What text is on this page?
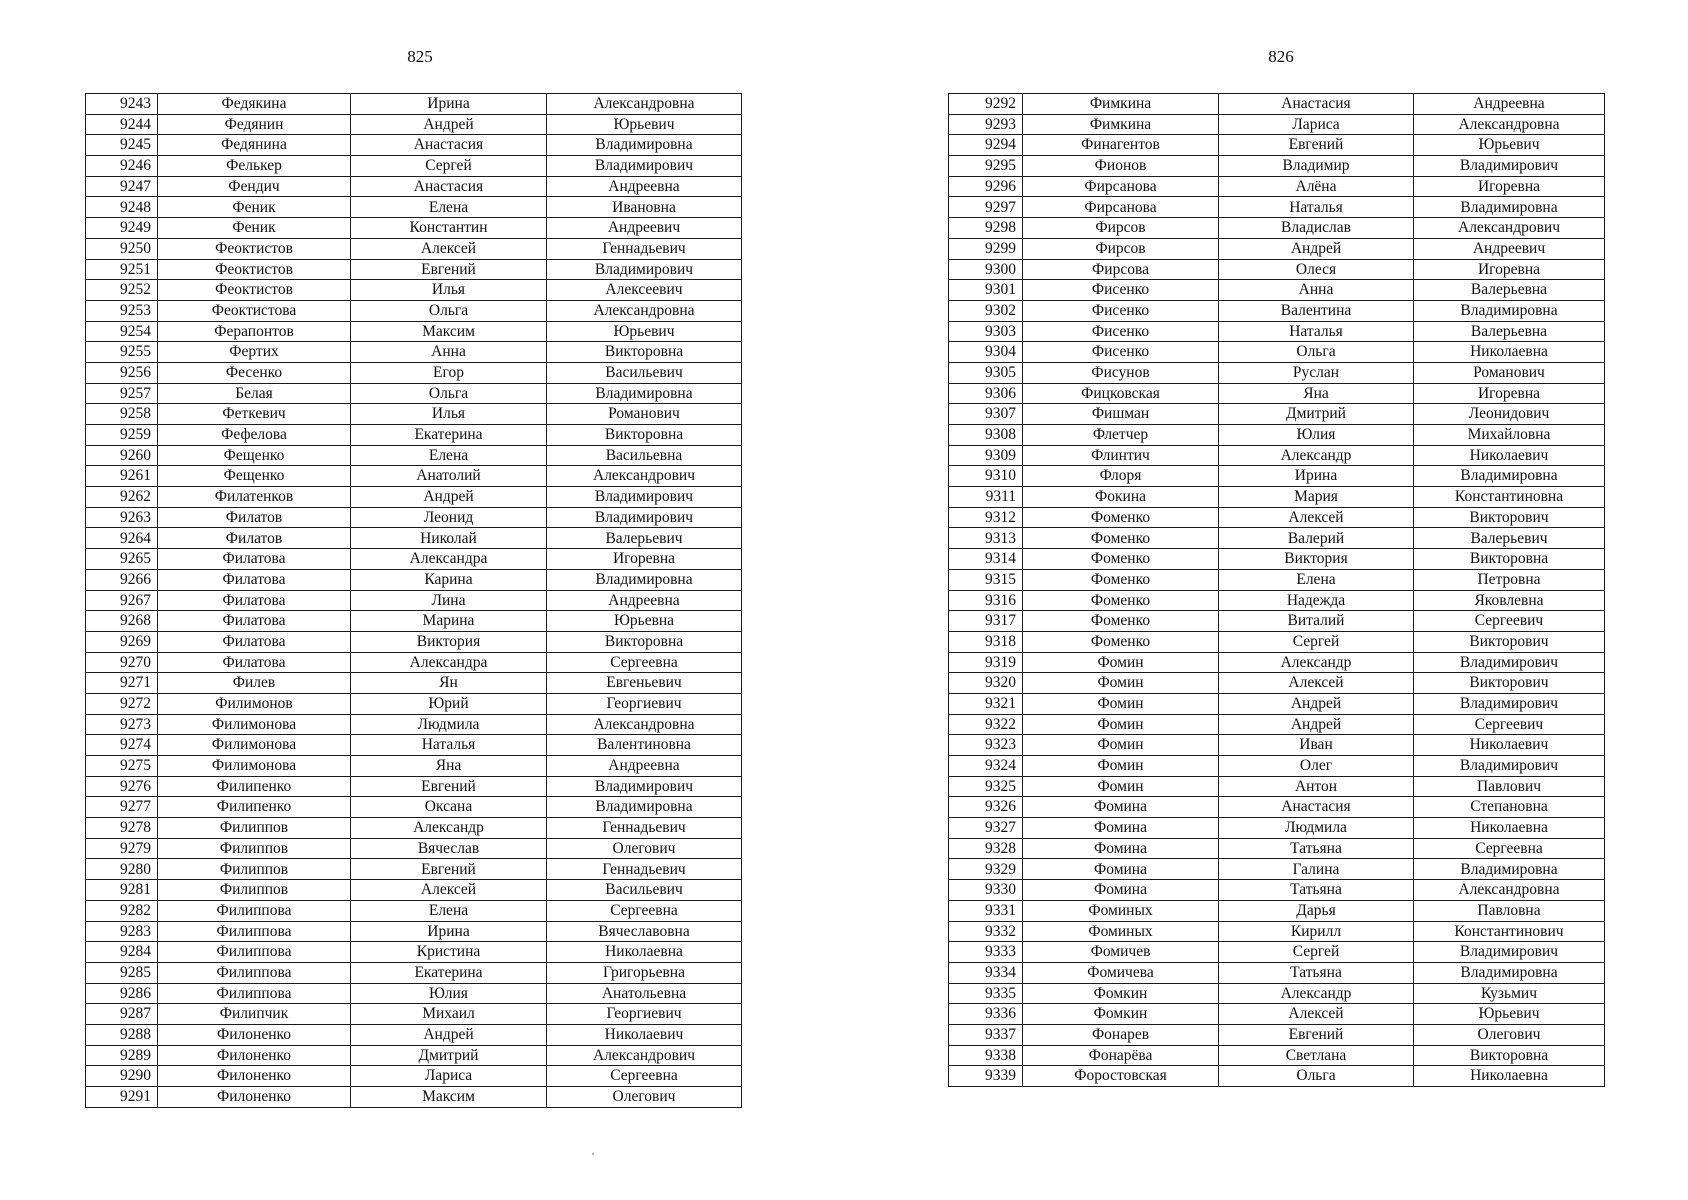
825
9243	Федякина	Ирина	Александровна
9244	Федянин	Андрей	Юрьевич
9245	Федянина	Анастасия	Владимировна
9246	Фелькер	Сергей	Владимирович
9247	Фендич	Анастасия	Андреевна
9248	Феник	Елена	Ивановна
9249	Феник	Константин	Андреевич
9250	Феоктистов	Алексей	Геннадьевич
9251	Феоктистов	Евгений	Владимирович
9252	Феоктистов	Илья	Алексеевич
9253	Феоктистова	Ольга	Александровна
9254	Ферапонтов	Максим	Юрьевич
9255	Фертих	Анна	Викторовна
9256	Фесенко	Егор	Васильевич
9257	Белая	Ольга	Владимировна
9258	Феткевич	Илья	Романович
9259	Фефелова	Екатерина	Викторовна
9260	Фещенко	Елена	Васильевна
9261	Фещенко	Анатолий	Александрович
9262	Филатенков	Андрей	Владимирович
9263	Филатов	Леонид	Владимирович
9264	Филатов	Николай	Валерьевич
9265	Филатова	Александра	Игоревна
9266	Филатова	Карина	Владимировна
9267	Филатова	Лина	Андреевна
9268	Филатова	Марина	Юрьевна
9269	Филатова	Виктория	Викторовна
9270	Филатова	Александра	Сергеевна
9271	Филев	Ян	Евгеньевич
9272	Филимонов	Юрий	Георгиевич
9273	Филимонова	Людмила	Александровна
9274	Филимонова	Наталья	Валентиновна
9275	Филимонова	Яна	Андреевна
9276	Филипенко	Евгений	Владимирович
9277	Филипенко	Оксана	Владимировна
9278	Филиппов	Александр	Геннадьевич
9279	Филиппов	Вячеслав	Олегович
9280	Филиппов	Евгений	Геннадьевич
9281	Филиппов	Алексей	Васильевич
9282	Филиппова	Елена	Сергеевна
9283	Филиппова	Ирина	Вячеславовна
9284	Филиппова	Кристина	Николаевна
9285	Филиппова	Екатерина	Григорьевна
9286	Филиппова	Юлия	Анатольевна
9287	Филипчик	Михаил	Георгиевич
9288	Филоненко	Андрей	Николаевич
9289	Филоненко	Дмитрий	Александрович
9290	Филоненко	Лариса	Сергеевна
9291	Филоненко	Максим	Олегович
826
9292	Фимкина	Анастасия	Андреевна
9293	Фимкина	Лариса	Александровна
9294	Финагентов	Евгений	Юрьевич
9295	Фионов	Владимир	Владимирович
9296	Фирсанова	Алёна	Игоревна
9297	Фирсанова	Наталья	Владимировна
9298	Фирсов	Владислав	Александрович
9299	Фирсов	Андрей	Андреевич
9300	Фирсова	Олеся	Игоревна
9301	Фисенко	Анна	Валерьевна
9302	Фисенко	Валентина	Владимировна
9303	Фисенко	Наталья	Валерьевна
9304	Фисенко	Ольга	Николаевна
9305	Фисунов	Руслан	Романович
9306	Фицковская	Яна	Игоревна
9307	Фишман	Дмитрий	Леонидович
9308	Флетчер	Юлия	Михайловна
9309	Флинтич	Александр	Николаевич
9310	Флоря	Ирина	Владимировна
9311	Фокина	Мария	Константиновна
9312	Фоменко	Алексей	Викторович
9313	Фоменко	Валерий	Валерьевич
9314	Фоменко	Виктория	Викторовна
9315	Фоменко	Елена	Петровна
9316	Фоменко	Надежда	Яковлевна
9317	Фоменко	Виталий	Сергеевич
9318	Фоменко	Сергей	Викторович
9319	Фомин	Александр	Владимирович
9320	Фомин	Алексей	Викторович
9321	Фомин	Андрей	Владимирович
9322	Фомин	Андрей	Сергеевич
9323	Фомин	Иван	Николаевич
9324	Фомин	Олег	Владимирович
9325	Фомин	Антон	Павлович
9326	Фомина	Анастасия	Степановна
9327	Фомина	Людмила	Николаевна
9328	Фомина	Татьяна	Сергеевна
9329	Фомина	Галина	Владимировна
9330	Фомина	Татьяна	Александровна
9331	Фоминых	Дарья	Павловна
9332	Фоминых	Кирилл	Константинович
9333	Фомичев	Сергей	Владимирович
9334	Фомичева	Татьяна	Владимировна
9335	Фомкин	Александр	Кузьмич
9336	Фомкин	Алексей	Юрьевич
9337	Фонарев	Евгений	Олегович
9338	Фонарёва	Светлана	Викторовна
9339	Форостовская	Ольга	Николаевна
